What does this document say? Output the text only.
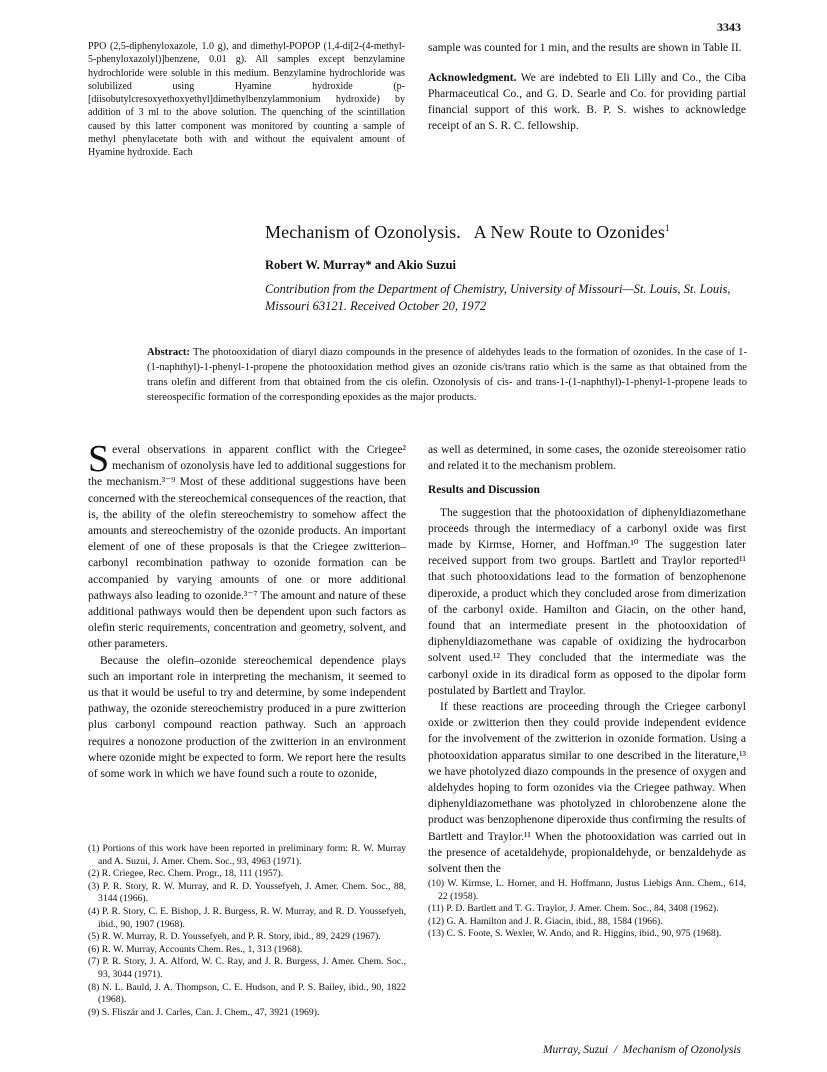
3343
PPO (2,5-diphenyloxazole, 1.0 g), and dimethyl-POPOP (1,4-di[2-(4-methyl-5-phenyloxazolyl)]benzene, 0.01 g). All samples except benzylamine hydrochloride were soluble in this medium. Benzylamine hydrochloride was solubilized using Hyamine hydroxide (p-[diisobutylcresoxyethoxyethyl]dimethylbenzylammonium hydroxide) by addition of 3 ml to the above solution. The quenching of the scintillation caused by this latter component was monitored by counting a sample of methyl phenylacetate both with and without the equivalent amount of Hyamine hydroxide. Each

sample was counted for 1 min, and the results are shown in Table II.

Acknowledgment. We are indebted to Eli Lilly and Co., the Ciba Pharmaceutical Co., and G. D. Searle and Co. for providing partial financial support of this work. B. P. S. wishes to acknowledge receipt of an S. R. C. fellowship.

Mechanism of Ozonolysis.   A New Route to Ozonides$^1$
Robert W. Murray* and Akio Suzui
Contribution from the Department of Chemistry, University of Missouri—St. Louis, St. Louis, Missouri 63121. Received October 20, 1972
Abstract: The photooxidation of diaryl diazo compounds in the presence of aldehydes leads to the formation of ozonides. In the case of 1-(1-naphthyl)-1-phenyl-1-propene the photooxidation method gives an ozonide cis/trans ratio which is the same as that obtained from the trans olefin and different from that obtained from the cis olefin. Ozonolysis of cis- and trans-1-(1-naphthyl)-1-phenyl-1-propene leads to stereospecific formation of the corresponding epoxides as the major products.

Several observations in apparent conflict with the Criegee² mechanism of ozonolysis have led to additional suggestions for the mechanism.³⁻⁹ Most of these additional suggestions have been concerned with the stereochemical consequences of the reaction, that is, the ability of the olefin stereochemistry to somehow affect the amounts and stereochemistry of the ozonide products. An important element of one of these proposals is that the Criegee zwitterion–carbonyl recombination pathway to ozonide formation can be accompanied by varying amounts of one or more additional pathways also leading to ozonide.³⁻⁷ The amount and nature of these additional pathways would then be dependent upon such factors as olefin steric requirements, concentration and geometry, solvent, and other parameters.

Because the olefin–ozonide stereochemical dependence plays such an important role in interpreting the mechanism, it seemed to us that it would be useful to try and determine, by some independent pathway, the ozonide stereochemistry produced in a pure zwitterion plus carbonyl compound reaction pathway. Such an approach requires a nonozone production of the zwitterion in an environment where ozonide might be expected to form. We report here the results of some work in which we have found such a route to ozonide,

as well as determined, in some cases, the ozonide stereoisomer ratio and related it to the mechanism problem.

Results and Discussion

The suggestion that the photooxidation of diphenyldiazomethane proceeds through the intermediacy of a carbonyl oxide was first made by Kirmse, Horner, and Hoffman.¹⁰ The suggestion later received support from two groups. Bartlett and Traylor reported¹¹ that such photooxidations lead to the formation of benzophenone diperoxide, a product which they concluded arose from dimerization of the carbonyl oxide. Hamilton and Giacin, on the other hand, found that an intermediate present in the photooxidation of diphenyldiazomethane was capable of oxidizing the hydrocarbon solvent used.¹² They concluded that the intermediate was the carbonyl oxide in its diradical form as opposed to the dipolar form postulated by Bartlett and Traylor.

If these reactions are proceeding through the Criegee carbonyl oxide or zwitterion then they could provide independent evidence for the involvement of the zwitterion in ozonide formation. Using a photooxidation apparatus similar to one described in the literature,¹³ we have photolyzed diazo compounds in the presence of oxygen and aldehydes hoping to form ozonides via the Criegee pathway. When diphenyldiazomethane was photolyzed in chlorobenzene alone the product was benzophenone diperoxide thus confirming the results of Bartlett and Traylor.¹¹ When the photooxidation was carried out in the presence of acetaldehyde, propionaldehyde, or benzaldehyde as solvent then the

(1) Portions of this work have been reported in preliminary form: R. W. Murray and A. Suzui, J. Amer. Chem. Soc., 93, 4963 (1971).
(2) R. Criegee, Rec. Chem. Progr., 18, 111 (1957).
(3) P. R. Story, R. W. Murray, and R. D. Youssefyeh, J. Amer. Chem. Soc., 88, 3144 (1966).
(4) P. R. Story, C. E. Bishop, J. R. Burgess, R. W. Murray, and R. D. Youssefyeh, ibid., 90, 1907 (1968).
(5) R. W. Murray, R. D. Youssefyeh, and P. R. Story, ibid., 89, 2429 (1967).
(6) R. W. Murray, Accounts Chem. Res., 1, 313 (1968).
(7) P. R. Story, J. A. Alford, W. C. Ray, and J. R. Burgess, J. Amer. Chem. Soc., 93, 3044 (1971).
(8) N. L. Bauld, J. A. Thompson, C. E. Hudson, and P. S. Bailey, ibid., 90, 1822 (1968).
(9) S. Fliszár and J. Carles, Can. J. Chem., 47, 3921 (1969).
(10) W. Kirmse, L. Horner, and H. Hoffmann, Justus Liebigs Ann. Chem., 614, 22 (1958).
(11) P. D. Bartlett and T. G. Traylor, J. Amer. Chem. Soc., 84, 3408 (1962).
(12) G. A. Hamilton and J. R. Giacin, ibid., 88, 1584 (1966).
(13) C. S. Foote, S. Wexler, W. Ando, and R. Higgins, ibid., 90, 975 (1968).
Murray, Suzui  /  Mechanism of Ozonolysis
